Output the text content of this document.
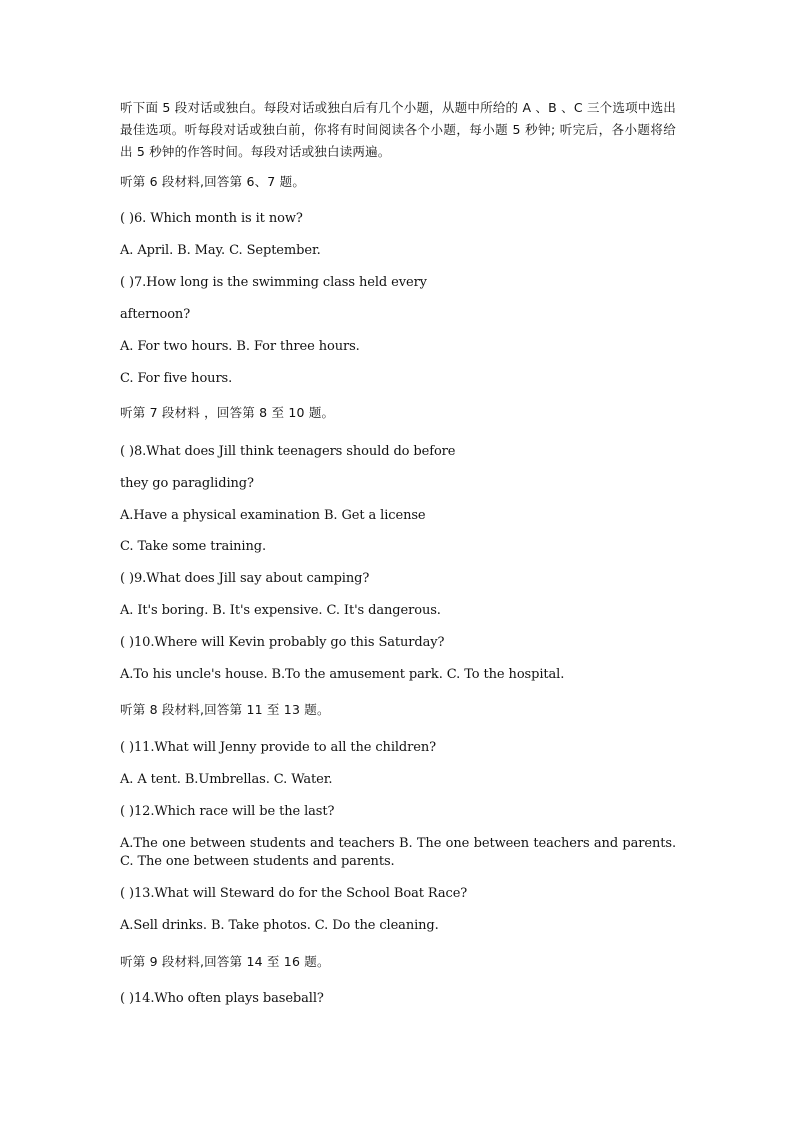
听下面 5 段对话或独白。每段对话或独白后有几个小题，从题中所给的 A 、B 、C 三个选项中选出最佳选项。听每段对话或独白前，你将有时间阅读各个小题，每小题 5 秒钟; 听完后，各小题将给出 5 秒钟的作答时间。每段对话或独白读两遍。
听第 6 段材料,回答第 6、7 题。
( )6. Which month is it now?
A. April. B. May. C. September.
( )7.How long is the swimming class held every
afternoon?
A. For two hours. B. For three hours.
C. For five hours.
听第 7 段材料 ，回答第 8 至 10 题。
( )8.What does Jill think teenagers should do before
they go paragliding?
A.Have a physical examination B. Get a license
C. Take some training.
( )9.What does Jill say about camping?
A. It's boring. B. It's expensive. C. It's dangerous.
( )10.Where will Kevin probably go this Saturday?
A.To his uncle's house. B.To the amusement park. C. To the hospital.
听第 8 段材料,回答第 11 至 13 题。
( )11.What will Jenny provide to all the children?
A. A tent. B.Umbrellas. C. Water.
( )12.Which race will be the last?
A.The one between students and teachers B. The one between teachers and parents. C. The one between students and parents.
( )13.What will Steward do for the School Boat Race?
A.Sell drinks. B. Take photos. C. Do the cleaning.
听第 9 段材料,回答第 14 至 16 题。
( )14.Who often plays baseball?
